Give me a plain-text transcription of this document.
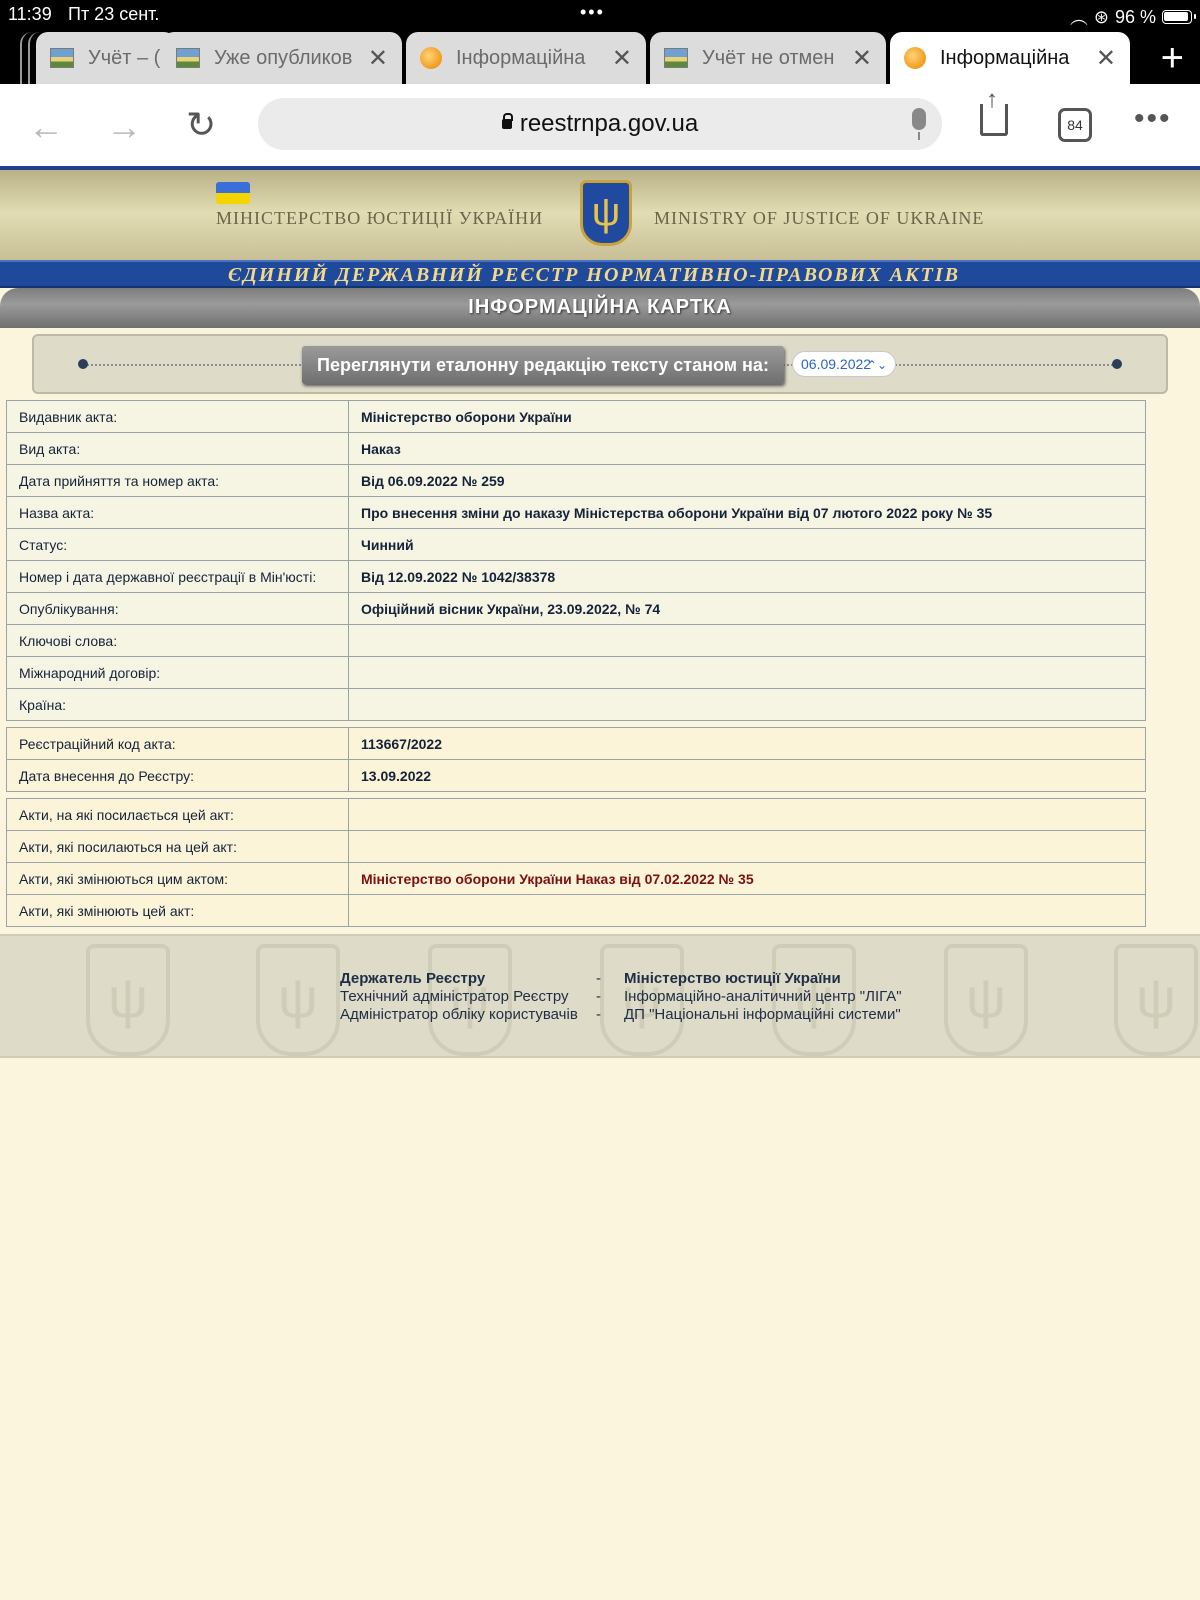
11:39 Пт 23 сент.	•••	︵ ⊛ 96 %
Учёт – (	Уже опубликов ✕	Інформаційна	✕	Учёт не отмен ✕	Інформаційна	✕ +
← → ↻	reestrnpa.gov.ua ↑	84	•••
МІНІСТЕРСТВО ЮСТИЦІЇ УКРАЇНИ ψ	MINISTRY OF JUSTICE OF UKRAINE
ЄДИНИЙ ДЕРЖАВНИЙ РЕЄСТР НОРМАТИВНО-ПРАВОВИХ АКТІВ
ІНФОРМАЦІЙНА КАРТКА
Переглянути еталонну редакцію тексту станом на:	06.09.2022
⌃⌄
Видавник акта:	Міністерство оборони України
Вид акта:	Наказ
Дата прийняття та номер акта:	Від 06.09.2022 № 259
Назва акта:	Про внесення зміни до наказу Міністерства оборони України від 07 лютого 2022 року № 35
Статус:	Чинний
Номер і дата державної реєстрації в Мін'юсті:	Від 12.09.2022 № 1042/38378
Опублікування:	Офіційний вісник України, 23.09.2022, № 74
Ключові слова:	
Міжнародний договір:	
Країна:	
Реєстраційний код акта:	113667/2022
Дата внесення до Реєстру:	13.09.2022
Акти, на які посилається цей акт:	
Акти, які посилаються на цей акт:	
Акти, які змінюються цим актом:	Міністерство оборони України Наказ від 07.02.2022 № 35
Акти, які змінюють цей акт:	
ψ	ψ	ψ	ψ	ψ	ψ	ψ
Держатель Реєстру	-	Міністерство юстиції України
Технічний адміністратор Реєстру	-	Інформаційно-аналітичний центр "ЛІГА"
Адміністратор обліку користувачів	-	ДП "Національні інформаційні системи"
